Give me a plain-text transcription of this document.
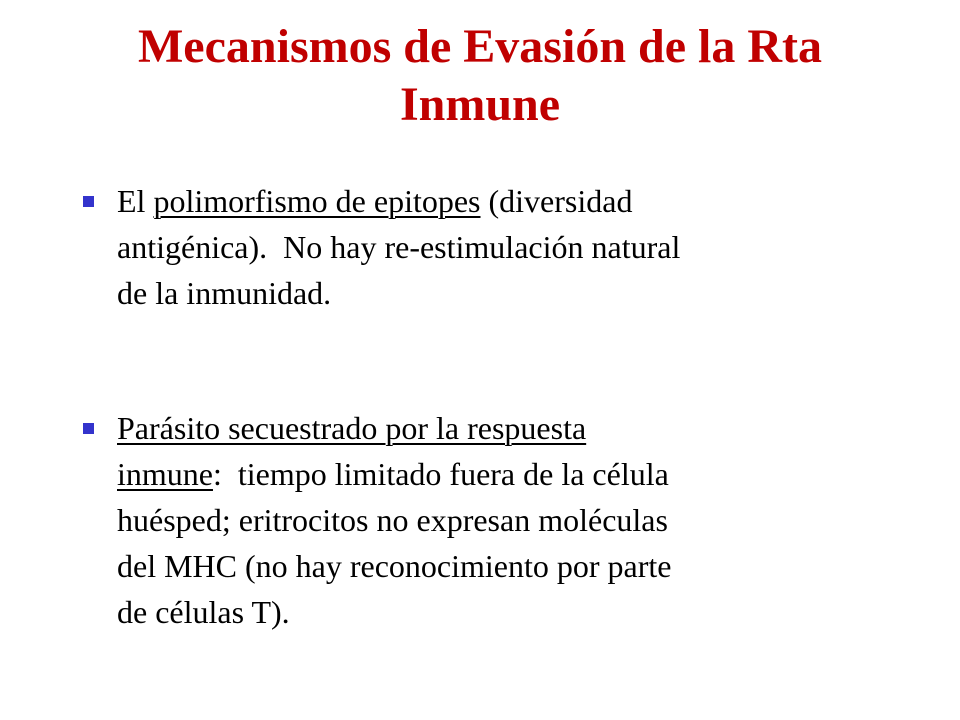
Mecanismos de Evasión de la Rta
Inmune
El polimorfismo de epitopes (diversidad
antigénica).  No hay re-estimulación natural
de la inmunidad.
Parásito secuestrado por la respuesta
inmune:  tiempo limitado fuera de la célula
huésped; eritrocitos no expresan moléculas
del MHC (no hay reconocimiento por parte
de células T).
